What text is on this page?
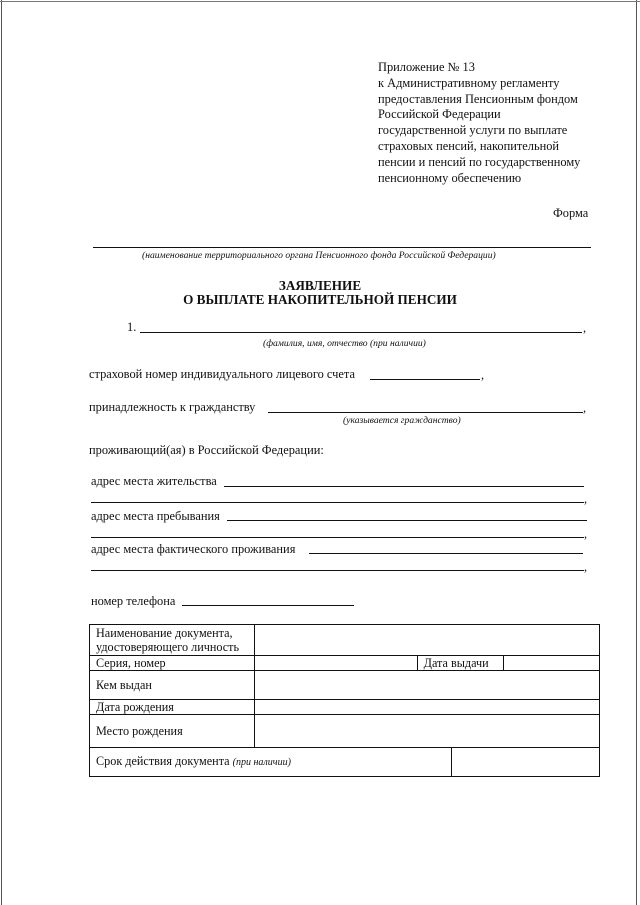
Приложение № 13
к Административному регламенту
предоставления Пенсионным фондом
Российской Федерации
государственной услуги по выплате
страховых пенсий, накопительной
пенсии и пенсий по государственному
пенсионному обеспечению
Форма
(наименование территориального органа Пенсионного фонда Российской Федерации)
ЗАЯВЛЕНИЕ
О ВЫПЛАТЕ НАКОПИТЕЛЬНОЙ ПЕНСИИ
1.	,
(фамилия, имя, отчество (при наличии)
страховой номер индивидуального лицевого счета	,
принадлежность к гражданству	,
(указывается гражданство)
проживающий(ая) в Российской Федерации:
адрес места жительства
,
адрес места пребывания
,
адрес места фактического проживания
,
номер телефона
Наименование документа,
удостоверяющего личность				

Серия, номер		Дата выдачи		
Кем выдан				
Дата рождения				
Место рождения				
Срок действия документа (при наличии)				
